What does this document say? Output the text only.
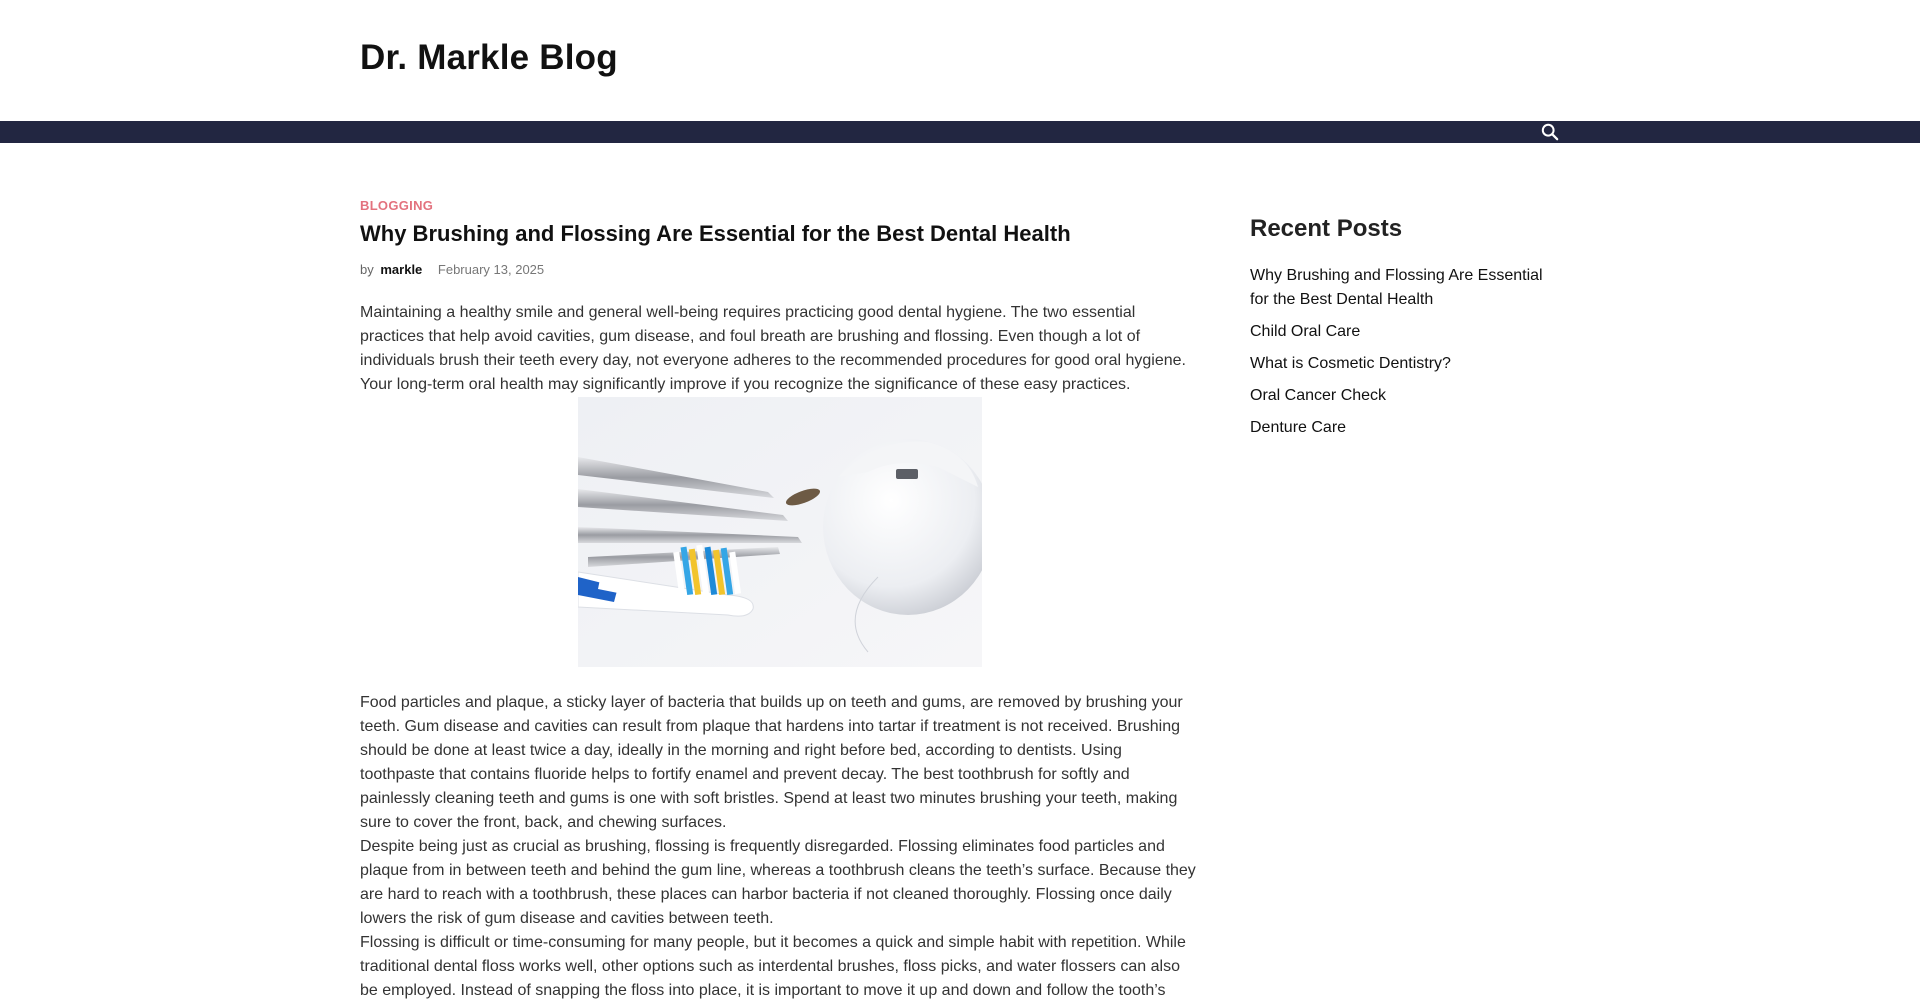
Dr. Markle Blog
BLOGGING
Why Brushing and Flossing Are Essential for the Best Dental Health
by markle February 13, 2025

Maintaining a healthy smile and general well-being requires practicing good dental hygiene. The two essential practices that help avoid cavities, gum disease, and foul breath are brushing and flossing. Even though a lot of individuals brush their teeth every day, not everyone adheres to the recommended procedures for good oral hygiene. Your long-term oral health may significantly improve if you recognize the significance of these easy practices.

Food particles and plaque, a sticky layer of bacteria that builds up on teeth and gums, are removed by brushing your teeth. Gum disease and cavities can result from plaque that hardens into tartar if treatment is not received. Brushing should be done at least twice a day, ideally in the morning and right before bed, according to dentists. Using toothpaste that contains fluoride helps to fortify enamel and prevent decay. The best toothbrush for softly and painlessly cleaning teeth and gums is one with soft bristles. Spend at least two minutes brushing your teeth, making sure to cover the front, back, and chewing surfaces.

Despite being just as crucial as brushing, flossing is frequently disregarded. Flossing eliminates food particles and plaque from in between teeth and behind the gum line, whereas a toothbrush cleans the teeth’s surface. Because they are hard to reach with a toothbrush, these places can harbor bacteria if not cleaned thoroughly. Flossing once daily lowers the risk of gum disease and cavities between teeth.

Flossing is difficult or time-consuming for many people, but it becomes a quick and simple habit with repetition. While traditional dental floss works well, other options such as interdental brushes, floss picks, and water flossers can also be employed. Instead of snapping the floss into place, it is important to move it up and down and follow the tooth’s

Recent Posts
Why Brushing and Flossing Are Essential for the Best Dental Health
Child Oral Care
What is Cosmetic Dentistry?
Oral Cancer Check
Denture Care
